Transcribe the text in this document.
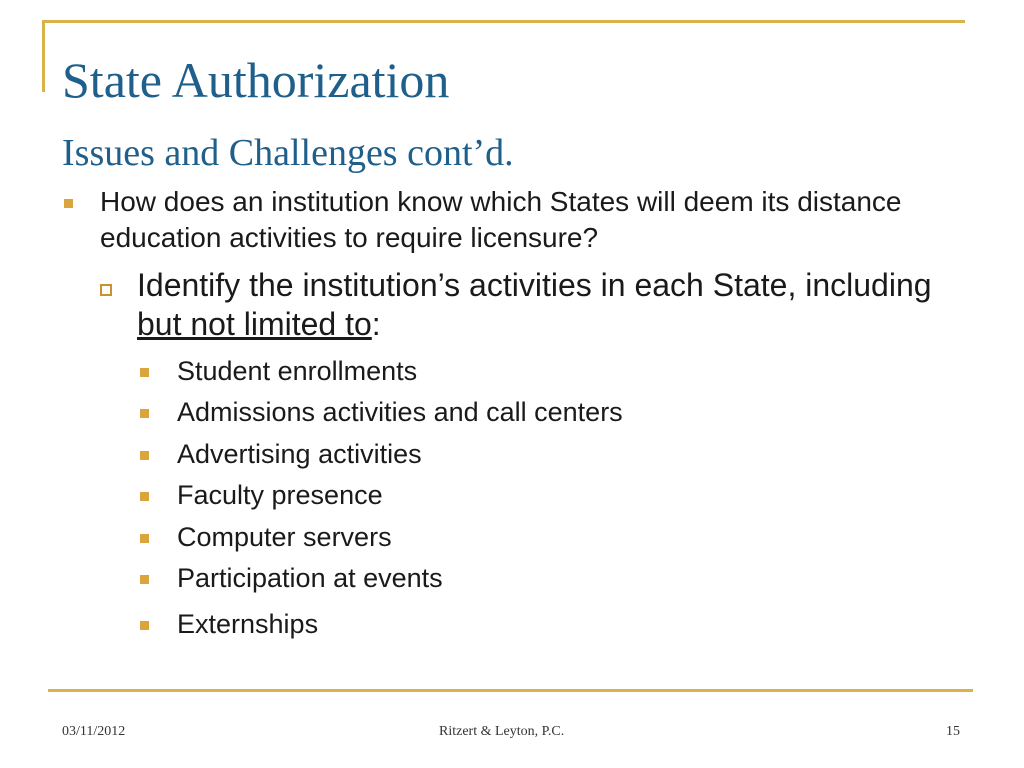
State Authorization
Issues and Challenges cont’d.
How does an institution know which States will deem its distance education activities to require licensure?
Identify the institution’s activities in each State, including but not limited to:
Student enrollments
Admissions activities and call centers
Advertising activities
Faculty presence
Computer servers
Participation at events
Externships
03/11/2012	Ritzert & Leyton, P.C.	15
